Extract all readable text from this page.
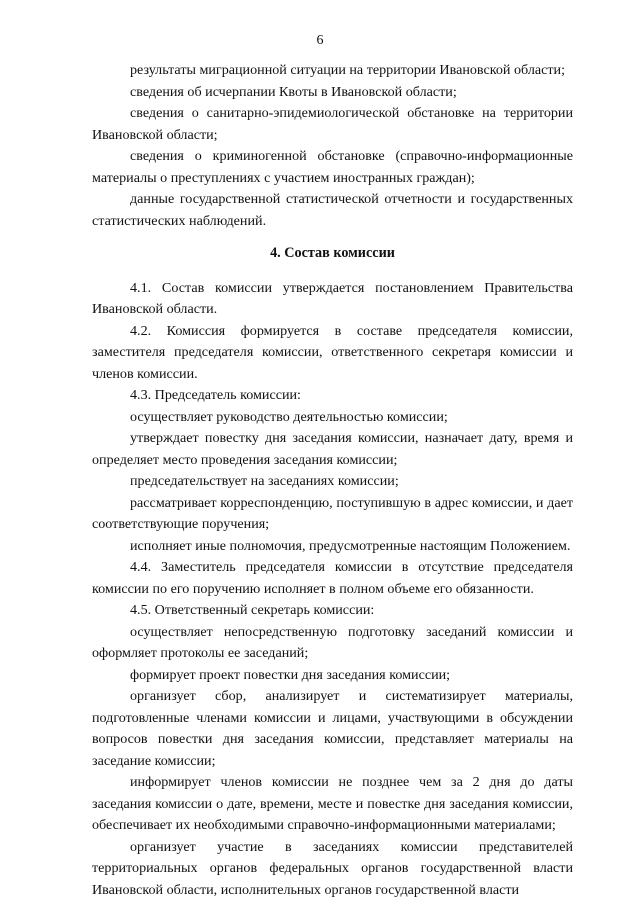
6

результаты миграционной ситуации на территории Ивановской области;

сведения об исчерпании Квоты в Ивановской области;

сведения о санитарно-эпидемиологической обстановке на территории Ивановской области;

сведения о криминогенной обстановке (справочно-информационные материалы о преступлениях с участием иностранных граждан);

данные государственной статистической отчетности и государственных статистических наблюдений.

4. Состав комиссии

4.1. Состав комиссии утверждается постановлением Правительства Ивановской области.

4.2. Комиссия формируется в составе председателя комиссии, заместителя председателя комиссии, ответственного секретаря комиссии и членов комиссии.

4.3. Председатель комиссии:

осуществляет руководство деятельностью комиссии;

утверждает повестку дня заседания комиссии, назначает дату, время и определяет место проведения заседания комиссии;

председательствует на заседаниях комиссии;

рассматривает корреспонденцию, поступившую в адрес комиссии, и дает соответствующие поручения;

исполняет иные полномочия, предусмотренные настоящим Положением.

4.4. Заместитель председателя комиссии в отсутствие председателя комиссии по его поручению исполняет в полном объеме его обязанности.

4.5. Ответственный секретарь комиссии:

осуществляет непосредственную подготовку заседаний комиссии и оформляет протоколы ее заседаний;

формирует проект повестки дня заседания комиссии;

организует сбор, анализирует и систематизирует материалы, подготовленные членами комиссии и лицами, участвующими в обсуждении вопросов повестки дня заседания комиссии, представляет материалы на заседание комиссии;

информирует членов комиссии не позднее чем за 2 дня до даты заседания комиссии о дате, времени, месте и повестке дня заседания комиссии, обеспечивает их необходимыми справочно-информационными материалами;

организует участие в заседаниях комиссии представителей территориальных органов федеральных органов государственной власти Ивановской области, исполнительных органов государственной власти
